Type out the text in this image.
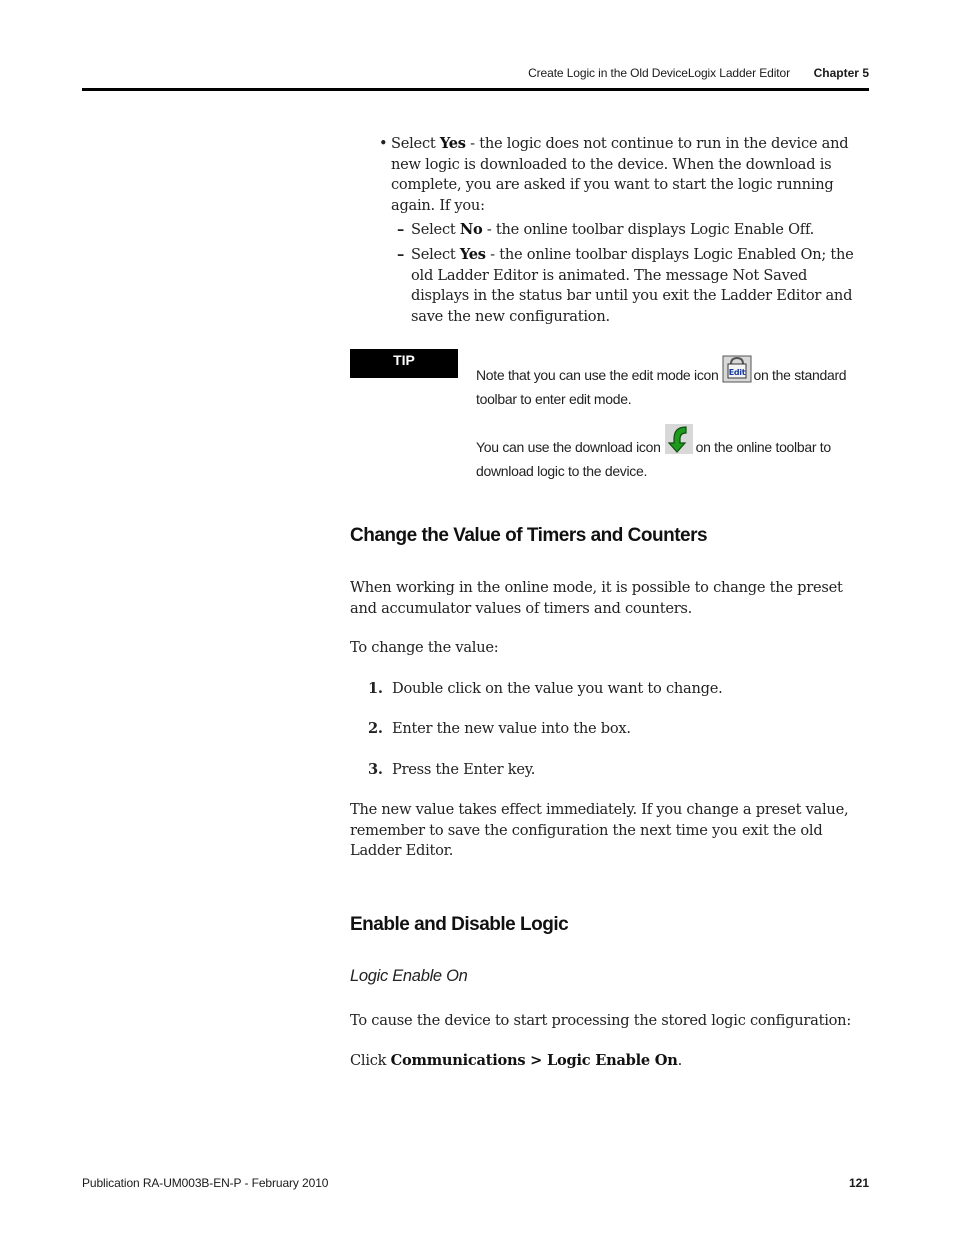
Create Logic in the Old DeviceLogix Ladder Editor Chapter 5
• Select Yes - the logic does not continue to run in the device and new logic is downloaded to the device. When the download is complete, you are asked if you want to start the logic running again. If you:
– Select No - the online toolbar displays Logic Enable Off.
– Select Yes - the online toolbar displays Logic Enabled On; the old Ladder Editor is animated. The message Not Saved displays in the status bar until you exit the Ladder Editor and save the new configuration.
TIP
Note that you can use the edit mode icon Edit on the standard toolbar to enter edit mode.
You can use the download icon	on the online toolbar to download logic to the device.
Change the Value of Timers and Counters
When working in the online mode, it is possible to change the preset and accumulator values of timers and counters.
To change the value:
1. Double click on the value you want to change.
2. Enter the new value into the box.
3. Press the Enter key.
The new value takes effect immediately. If you change a preset value, remember to save the configuration the next time you exit the old Ladder Editor.
Enable and Disable Logic
Logic Enable On
To cause the device to start processing the stored logic configuration:
Click Communications > Logic Enable On.
Publication RA-UM003B-EN-P - February 2010	121
